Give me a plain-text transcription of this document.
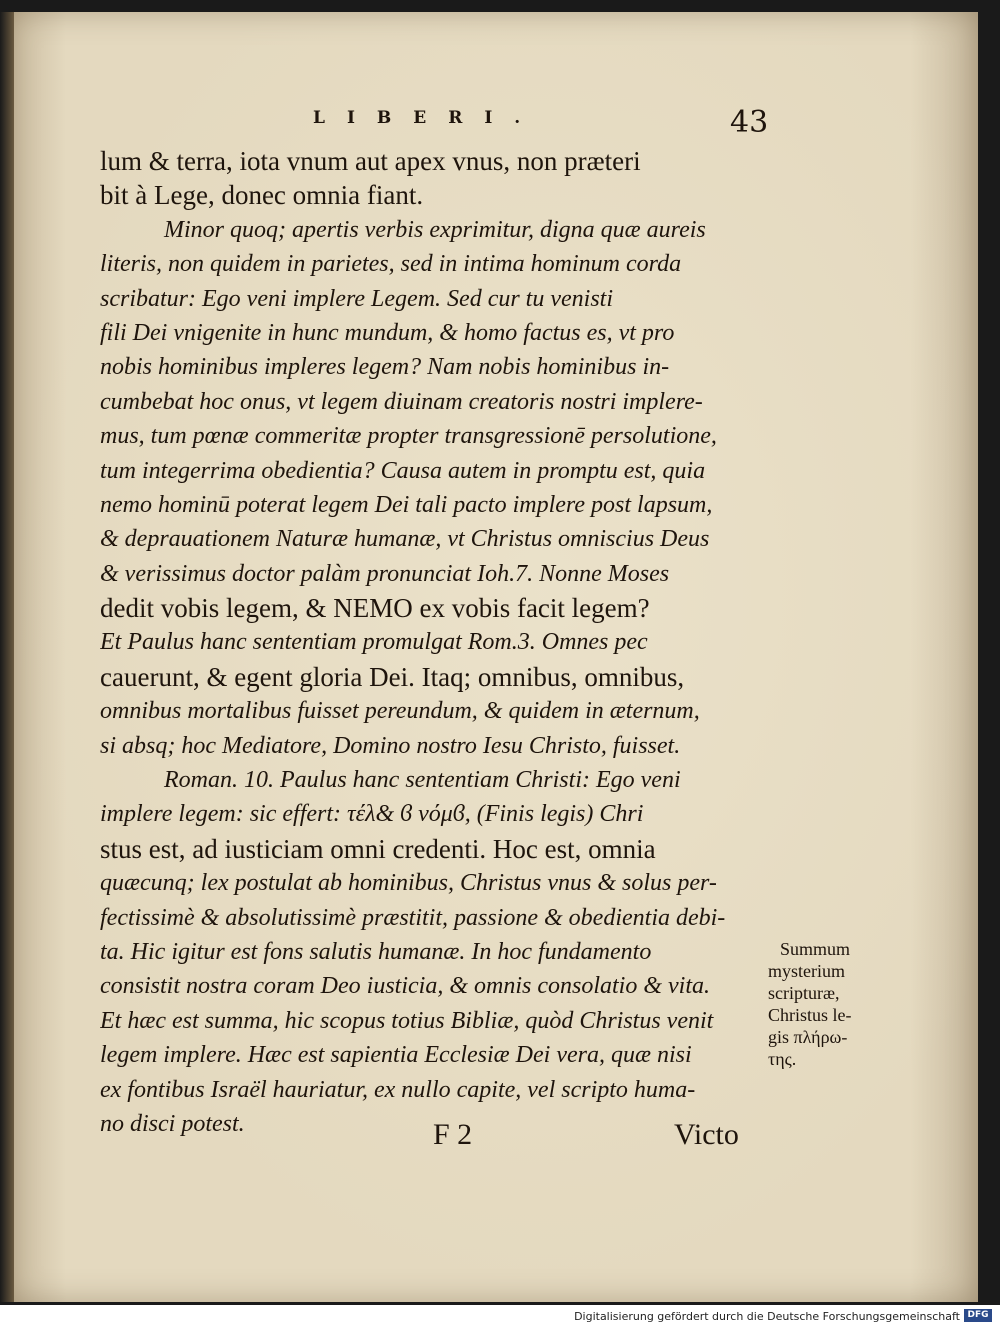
LIBERI.	43
lum & terra, iota vnum aut apex vnus, non præteri
bit à Lege, donec omnia fiant.
Minor quoq; apertis verbis exprimitur, digna quæ aureis
literis, non quidem in parietes, sed in intima hominum corda
scribatur: Ego veni implere Legem. Sed cur tu venisti
fili Dei vnigenite in hunc mundum, & homo factus es, vt pro
nobis hominibus impleres legem? Nam nobis hominibus in-
cumbebat hoc onus, vt legem diuinam creatoris nostri implere-
mus, tum pœnæ commeritæ propter transgressionē persolutione,
tum integerrima obedientia? Causa autem in promptu est, quia
nemo hominū poterat legem Dei tali pacto implere post lapsum,
& deprauationem Naturæ humanæ, vt Christus omniscius Deus
& verissimus doctor palàm pronunciat Ioh.7. Nonne Moses
dedit vobis legem, & NEMO ex vobis facit legem?
Et Paulus hanc sententiam promulgat Rom.3. Omnes pec
cauerunt, & egent gloria Dei. Itaq; omnibus, omnibus,
omnibus mortalibus fuisset pereundum, & quidem in æternum,
si absq; hoc Mediatore, Domino nostro Iesu Christo, fuisset.
Roman. 10. Paulus hanc sententiam Christi: Ego veni
implere legem: sic effert: τέλ& ϐ νόμϐ, (Finis legis) Chri
stus est, ad iusticiam omni credenti. Hoc est, omnia
quæcunq; lex postulat ab hominibus, Christus vnus & solus per-
fectissimè & absolutissimè præstitit, passione & obedientia debi-
ta. Hic igitur est fons salutis humanæ. In hoc fundamento
consistit nostra coram Deo iusticia, & omnis consolatio & vita.
Et hæc est summa, hic scopus totius Bibliæ, quòd Christus venit
legem implere. Hæc est sapientia Ecclesiæ Dei vera, quæ nisi
ex fontibus Israël hauriatur, ex nullo capite, vel scripto huma-
no disci potest.
Summum
mysterium
scripturæ,
Christus le-
gis πλήρω-
της.
F 2	Victo
Digitalisierung gefördert durch die Deutsche Forschungsgemeinschaft DFG
